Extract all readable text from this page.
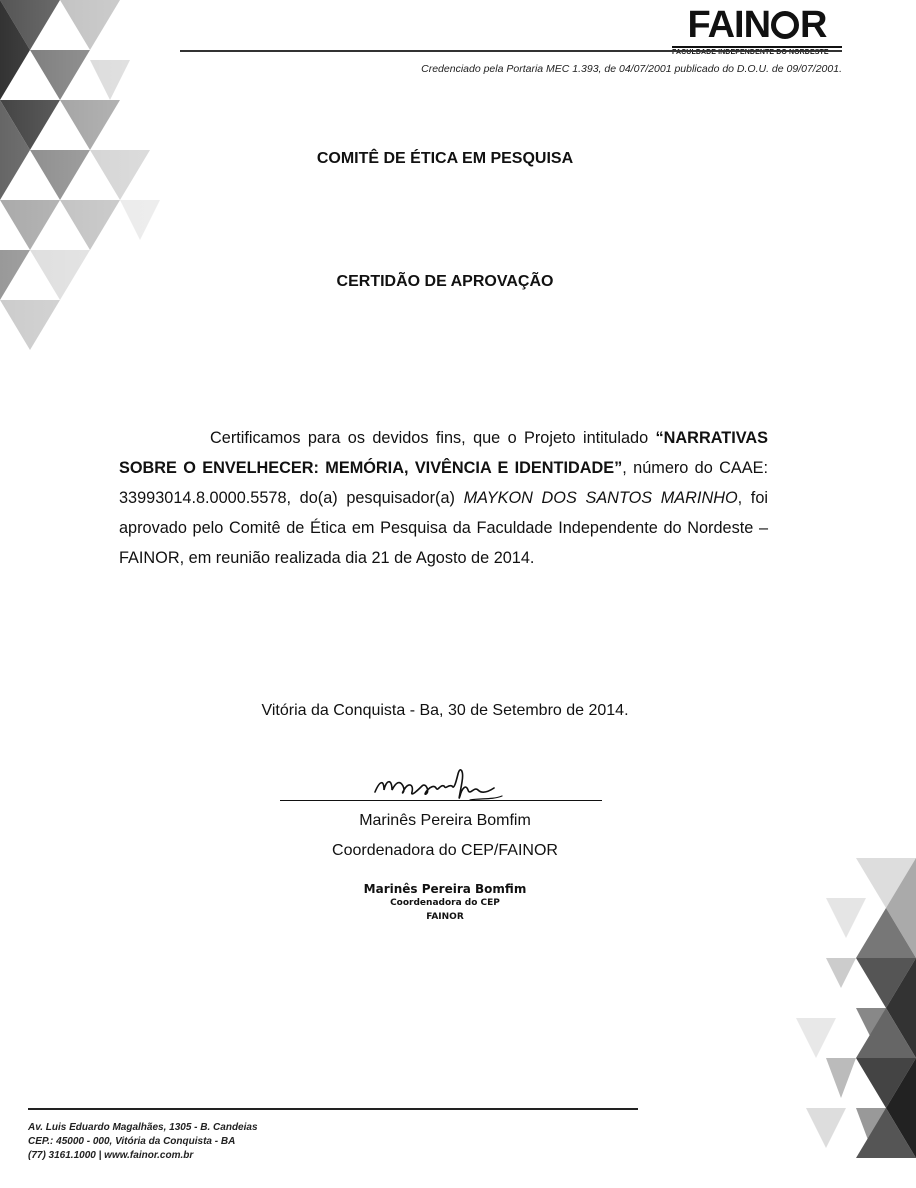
FAIN R
FACULDADE INDEPENDENTE DO NORDESTE
Credenciado pela Portaria MEC 1.393, de 04/07/2001 publicado do D.O.U. de 09/07/2001.
COMITÊ DE ÉTICA EM PESQUISA
CERTIDÃO DE APROVAÇÃO

Certificamos para os devidos fins, que o Projeto intitulado “NARRATIVAS SOBRE O ENVELHECER: MEMÓRIA, VIVÊNCIA E IDENTIDADE”, número do CAAE: 33993014.8.0000.5578, do(a) pesquisador(a) MAYKON DOS SANTOS MARINHO, foi aprovado pelo Comitê de Ética em Pesquisa da Faculdade Independente do Nordeste – FAINOR, em reunião realizada dia 21 de Agosto de 2014.

Vitória da Conquista - Ba, 30 de Setembro de 2014.
Marinês Pereira Bomfim
Coordenadora do CEP/FAINOR
Marinês Pereira Bomfim
Coordenadora do CEP
FAINOR
Av. Luis Eduardo Magalhães, 1305 - B. Candeias
CEP.: 45000 - 000, Vitória da Conquista - BA
(77) 3161.1000 | www.fainor.com.br
